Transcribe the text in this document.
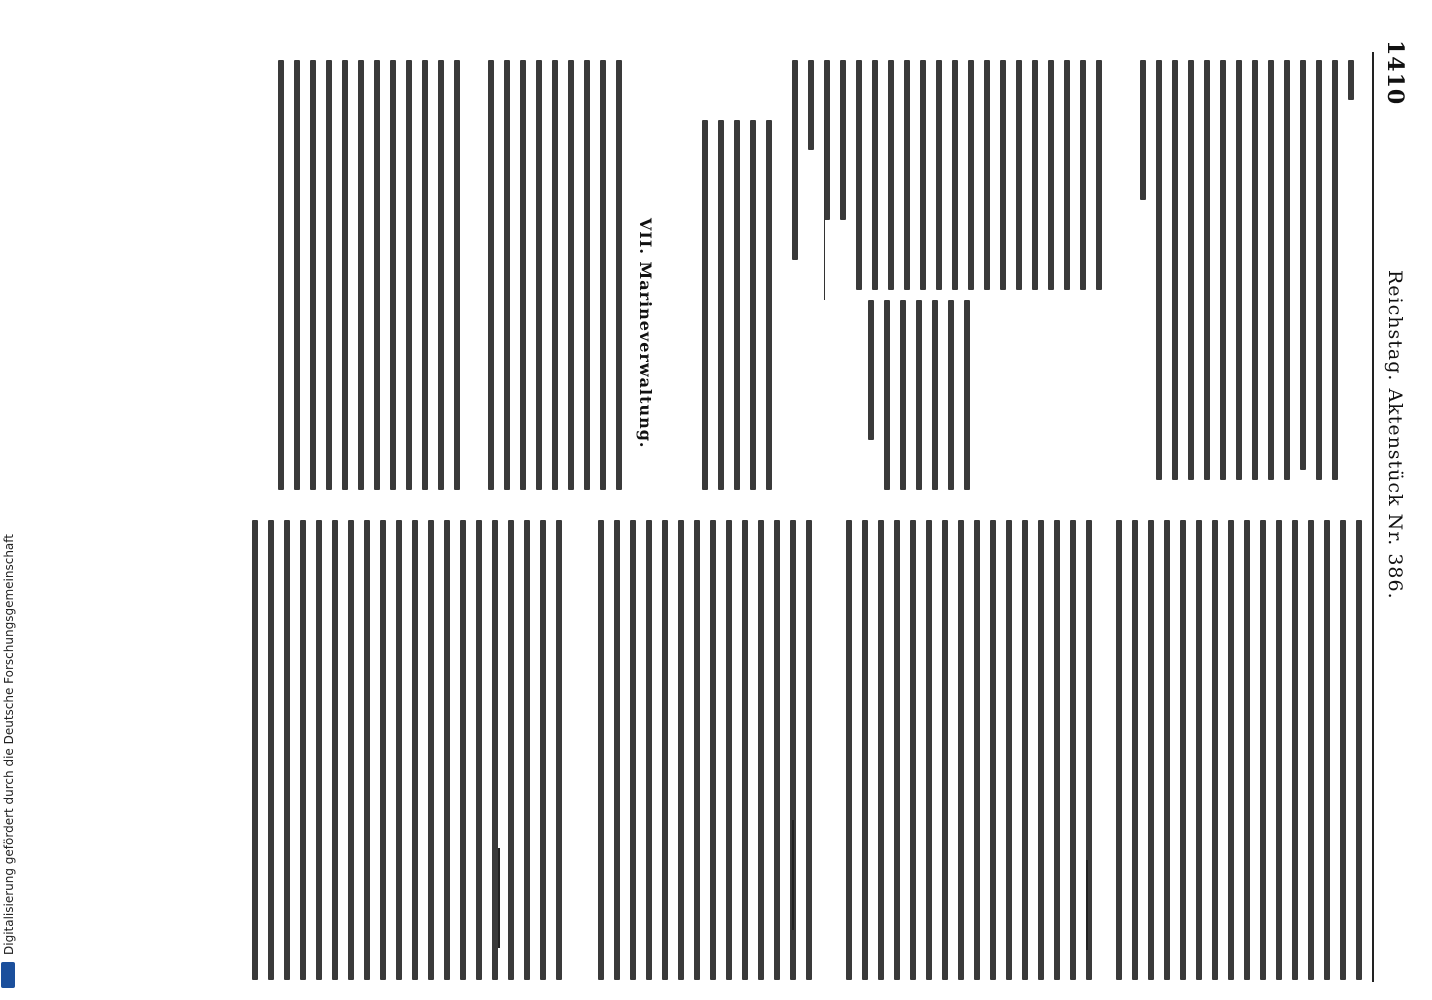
1410
Reichstag. Aktenstück Nr. 386.
VII. Marineverwaltung.
Digitalisierung gefördert durch die Deutsche Forschungsgemeinschaft
